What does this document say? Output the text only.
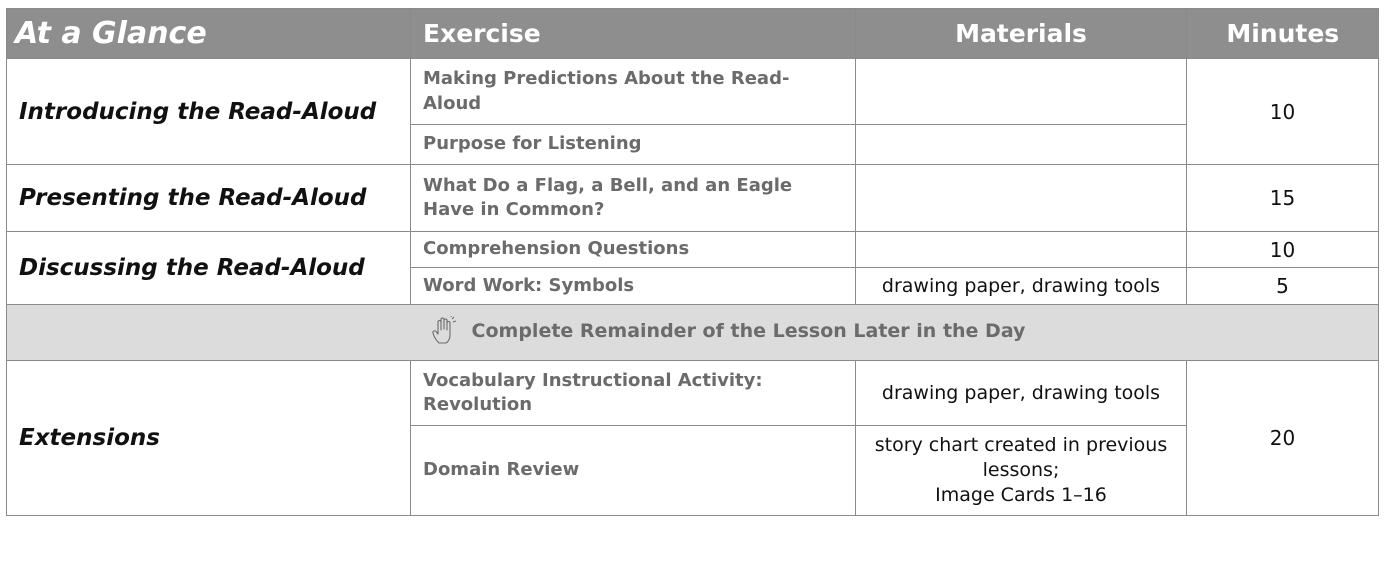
At a Glance	Exercise	Materials	Minutes
Introducing the Read-Aloud	Making Predictions About the Read-Aloud		10
	Purpose for Listening		
Presenting the Read-Aloud	What Do a Flag, a Bell, and an Eagle Have in Common?		15
Discussing the Read-Aloud	Comprehension Questions		10
	Word Work: Symbols	drawing paper, drawing tools	5

Complete Remainder of the Lesson Later in the Day			

Extensions	Vocabulary Instructional Activity: Revolution	drawing paper, drawing tools	20
	Domain Review	story chart created in previous lessons;
Image Cards 1–16	
